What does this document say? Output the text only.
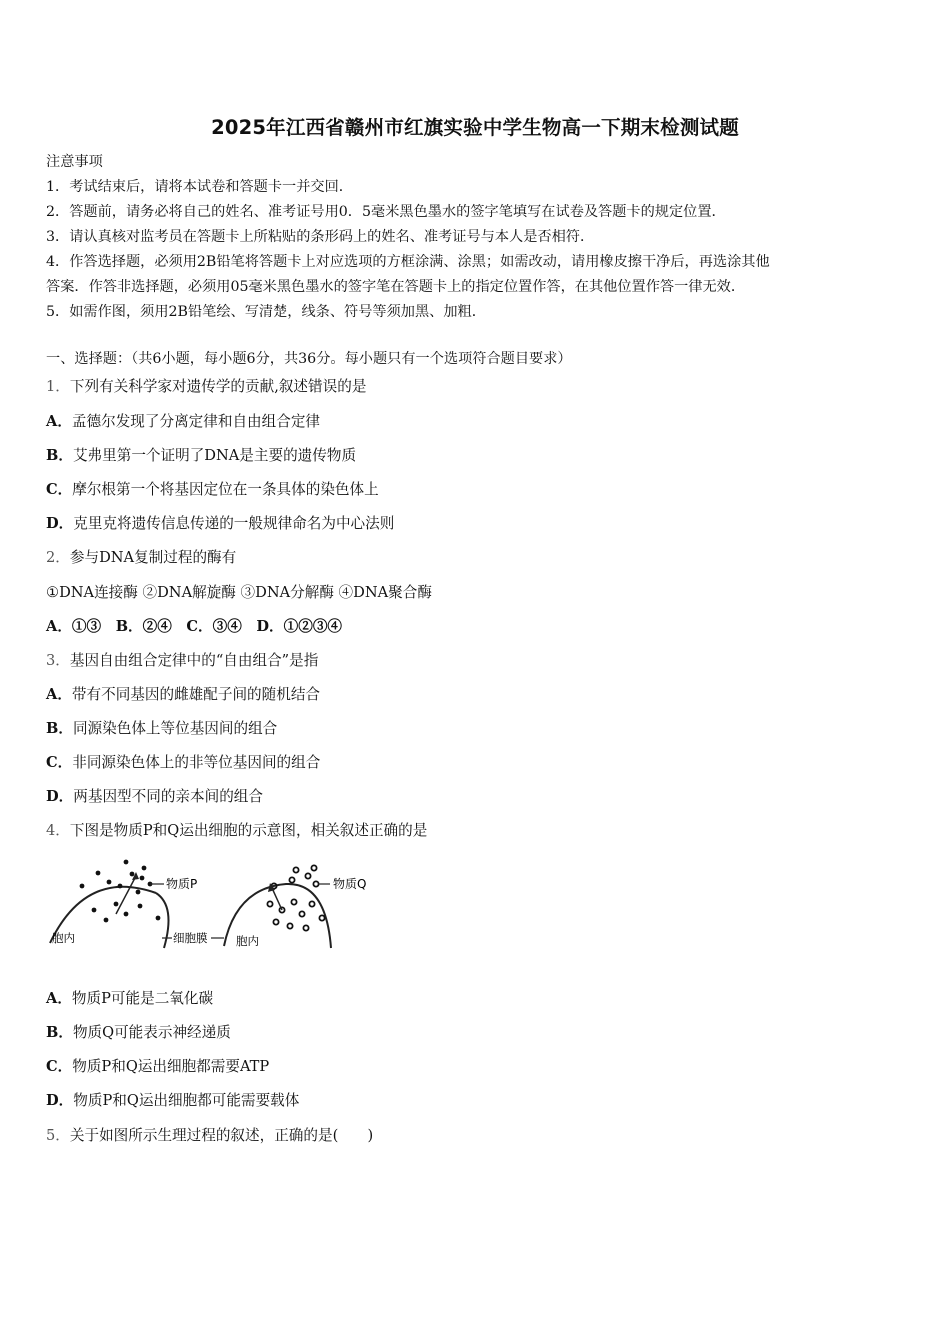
2025年江西省赣州市红旗实验中学生物高一下期末检测试题
注意事项
1．考试结束后，请将本试卷和答题卡一并交回．
2．答题前，请务必将自己的姓名、准考证号用0．5毫米黑色墨水的签字笔填写在试卷及答题卡的规定位置．
3．请认真核对监考员在答题卡上所粘贴的条形码上的姓名、准考证号与本人是否相符．
4．作答选择题，必须用2B铅笔将答题卡上对应选项的方框涂满、涂黑；如需改动，请用橡皮擦干净后，再选涂其他
答案．作答非选择题，必须用05毫米黑色墨水的签字笔在答题卡上的指定位置作答，在其他位置作答一律无效．
5．如需作图，须用2B铅笔绘、写清楚，线条、符号等须加黑、加粗．
一、选择题：（共6小题，每小题6分，共36分。每小题只有一个选项符合题目要求）
1．下列有关科学家对遗传学的贡献,叙述错误的是
A．孟德尔发现了分离定律和自由组合定律
B．艾弗里第一个证明了DNA是主要的遗传物质
C．摩尔根第一个将基因定位在一条具体的染色体上
D．克里克将遗传信息传递的一般规律命名为中心法则
2．参与DNA复制过程的酶有
①DNA连接酶 ②DNA解旋酶 ③DNA分解酶 ④DNA聚合酶
A．①③　B．②④　C．③④　D．①②③④
3．基因自由组合定律中的“自由组合”是指
A．带有不同基因的雌雄配子间的随机结合
B．同源染色体上等位基因间的组合
C．非同源染色体上的非等位基因间的组合
D．两基因型不同的亲本间的组合
4．下图是物质P和Q运出细胞的示意图，相关叙述正确的是
物质P	物质Q
胞内	细胞膜 胞内
A．物质P可能是二氧化碳
B．物质Q可能表示神经递质
C．物质P和Q运出细胞都需要ATP
D．物质P和Q运出细胞都可能需要载体
5．关于如图所示生理过程的叙述，正确的是(　　)
